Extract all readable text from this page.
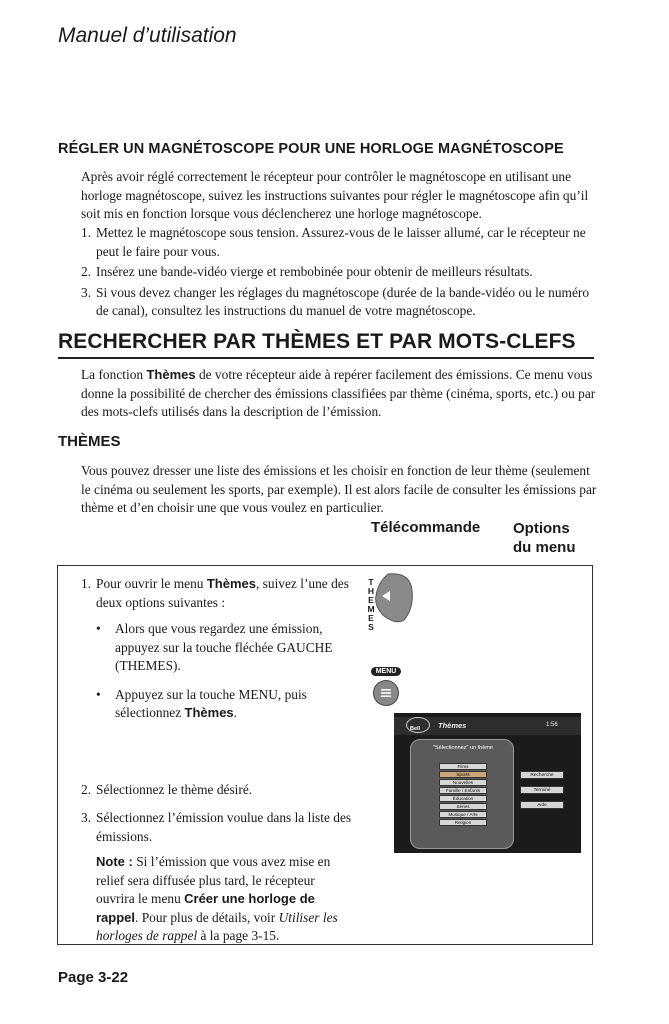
Manuel d’utilisation
RÉGLER UN MAGNÉTOSCOPE POUR UNE HORLOGE MAGNÉTOSCOPE
Après avoir réglé correctement le récepteur pour contrôler le magnétoscope en utilisant une horloge magnétoscope, suivez les instructions suivantes pour régler le magnétoscope afin qu’il soit mis en fonction lorsque vous déclencherez une horloge magnétoscope.
1. Mettez le magnétoscope sous tension. Assurez-vous de le laisser allumé, car le récepteur ne peut le faire pour vous.
2. Insérez une bande-vidéo vierge et rembobinée pour obtenir de meilleurs résultats.
3. Si vous devez changer les réglages du magnétoscope (durée de la bande-vidéo ou le numéro de canal), consultez les instructions du manuel de votre magnétoscope.
RECHERCHER PAR THÈMES ET PAR MOTS-CLEFS
La fonction Thèmes de votre récepteur aide à repérer facilement des émissions. Ce menu vous donne la possibilité de chercher des émissions classifiées par thème (cinéma, sports, etc.) ou par des mots-clefs utilisés dans la description de l’émission.
THÈMES
Vous pouvez dresser une liste des émissions et les choisir en fonction de leur thème (seulement le cinéma ou seulement les sports, par exemple). Il est alors facile de consulter les émissions par thème et d’en choisir une que vous voulez en particulier.
Télécommande Options
du menu
1. Pour ouvrir le menu Thèmes, suivez l’une des deux options suivantes :
• Alors que vous regardez une émission, appuyez sur la touche fléchée GAUCHE (THEMES).
• Appuyez sur la touche MENU, puis sélectionnez Thèmes.
2. Sélectionnez le thème désiré.
3. Sélectionnez l’émission voulue dans la liste des émissions.
Note : Si l’émission que vous avez mise en relief sera diffusée plus tard, le récepteur ouvrira le menu Créer une horloge de rappel. Pour plus de détails, voir Utiliser les horloges de rappel à la page 3-15.
THEMES
MENU
Bell Thèmes	1:56
"Sélectionnez" un thème
Films
Sports
Nouvelles
Famille / Enfants
Éducation
Séries
Musique / Arts
Religion
Recherche
Terminé
Aide
Page 3-22
